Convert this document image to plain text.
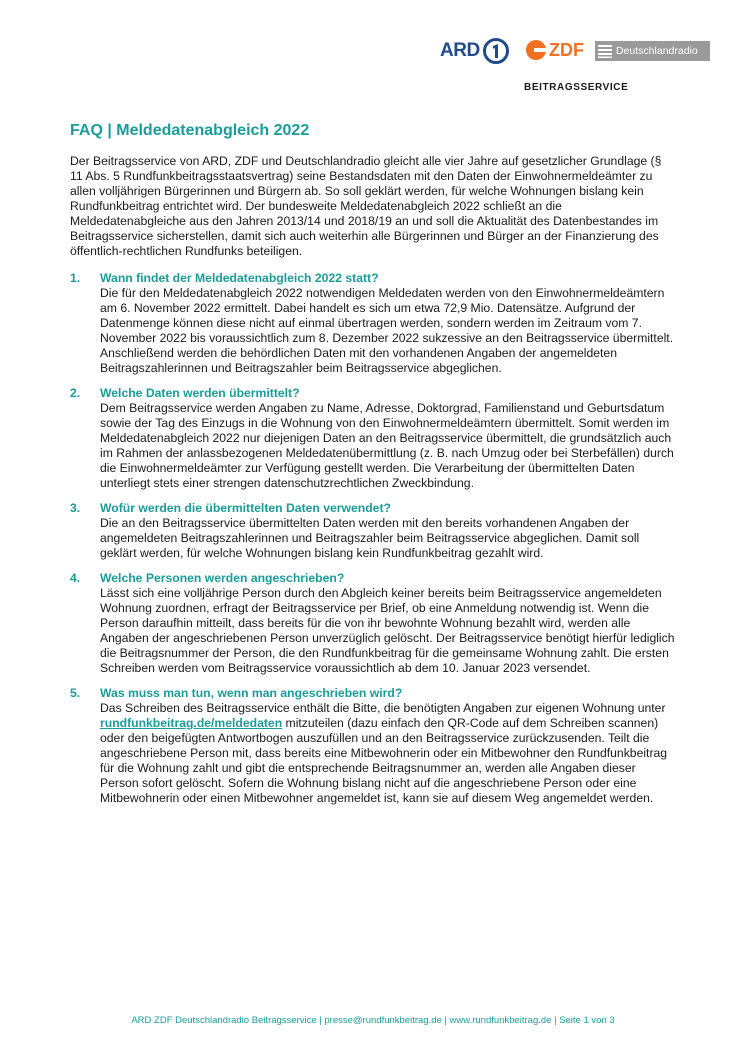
ARD	ZDF	Deutschlandradio
BEITRAGSSERVICE
FAQ | Meldedatenabgleich 2022

Der Beitragsservice von ARD, ZDF und Deutschlandradio gleicht alle vier Jahre auf gesetzlicher Grundlage (§ 11 Abs. 5 Rundfunkbeitragsstaatsvertrag) seine Bestandsdaten mit den Daten der Einwohnermeldeämter zu allen volljährigen Bürgerinnen und Bürgern ab. So soll geklärt werden, für welche Wohnungen bislang kein Rundfunkbeitrag entrichtet wird. Der bundesweite Meldedatenabgleich 2022 schließt an die Meldedatenabgleiche aus den Jahren 2013/14 und 2018/19 an und soll die Aktualität des Datenbestandes im Beitragsservice sicherstellen, damit sich auch weiterhin alle Bürgerinnen und Bürger an der Finanzierung des öffentlich-rechtlichen Rundfunks beteiligen.

1. Wann findet der Meldedatenabgleich 2022 statt?

Die für den Meldedatenabgleich 2022 notwendigen Meldedaten werden von den Einwohnermeldeämtern am 6. November 2022 ermittelt. Dabei handelt es sich um etwa 72,9 Mio. Datensätze. Aufgrund der Datenmenge können diese nicht auf einmal übertragen werden, sondern werden im Zeitraum vom 7. November 2022 bis voraussichtlich zum 8. Dezember 2022 sukzessive an den Beitragsservice übermittelt. Anschließend werden die behördlichen Daten mit den vorhandenen Angaben der angemeldeten Beitragszahlerinnen und Beitragszahler beim Beitragsservice abgeglichen.

2. Welche Daten werden übermittelt?

Dem Beitragsservice werden Angaben zu Name, Adresse, Doktorgrad, Familienstand und Geburtsdatum sowie der Tag des Einzugs in die Wohnung von den Einwohnermeldeämtern übermittelt. Somit werden im Meldedatenabgleich 2022 nur diejenigen Daten an den Beitragsservice übermittelt, die grundsätzlich auch im Rahmen der anlassbezogenen Meldedatenübermittlung (z. B. nach Umzug oder bei Sterbefällen) durch die Einwohnermeldeämter zur Verfügung gestellt werden. Die Verarbeitung der übermittelten Daten unterliegt stets einer strengen datenschutzrechtlichen Zweckbindung.

3. Wofür werden die übermittelten Daten verwendet?

Die an den Beitragsservice übermittelten Daten werden mit den bereits vorhandenen Angaben der angemeldeten Beitragszahlerinnen und Beitragszahler beim Beitragsservice abgeglichen. Damit soll geklärt werden, für welche Wohnungen bislang kein Rundfunkbeitrag gezahlt wird.

4. Welche Personen werden angeschrieben?

Lässt sich eine volljährige Person durch den Abgleich keiner bereits beim Beitragsservice angemeldeten Wohnung zuordnen, erfragt der Beitragsservice per Brief, ob eine Anmeldung notwendig ist. Wenn die Person daraufhin mitteilt, dass bereits für die von ihr bewohnte Wohnung bezahlt wird, werden alle Angaben der angeschriebenen Person unverzüglich gelöscht. Der Beitragsservice benötigt hierfür lediglich die Beitragsnummer der Person, die den Rundfunkbeitrag für die gemeinsame Wohnung zahlt. Die ersten Schreiben werden vom Beitragsservice voraussichtlich ab dem 10. Januar 2023 versendet.

5. Was muss man tun, wenn man angeschrieben wird?

Das Schreiben des Beitragsservice enthält die Bitte, die benötigten Angaben zur eigenen Wohnung unter rundfunkbeitrag.de/meldedaten mitzuteilen (dazu einfach den QR-Code auf dem Schreiben scannen) oder den beigefügten Antwortbogen auszufüllen und an den Beitragsservice zurückzusenden. Teilt die angeschriebene Person mit, dass bereits eine Mitbewohnerin oder ein Mitbewohner den Rundfunkbeitrag für die Wohnung zahlt und gibt die entsprechende Beitragsnummer an, werden alle Angaben dieser Person sofort gelöscht. Sofern die Wohnung bislang nicht auf die angeschriebene Person oder eine Mitbewohnerin oder einen Mitbewohner angemeldet ist, kann sie auf diesem Weg angemeldet werden.

ARD ZDF Deutschlandradio Beitragsservice | presse@rundfunkbeitrag.de | www.rundfunkbeitrag.de | Seite 1 von 3
